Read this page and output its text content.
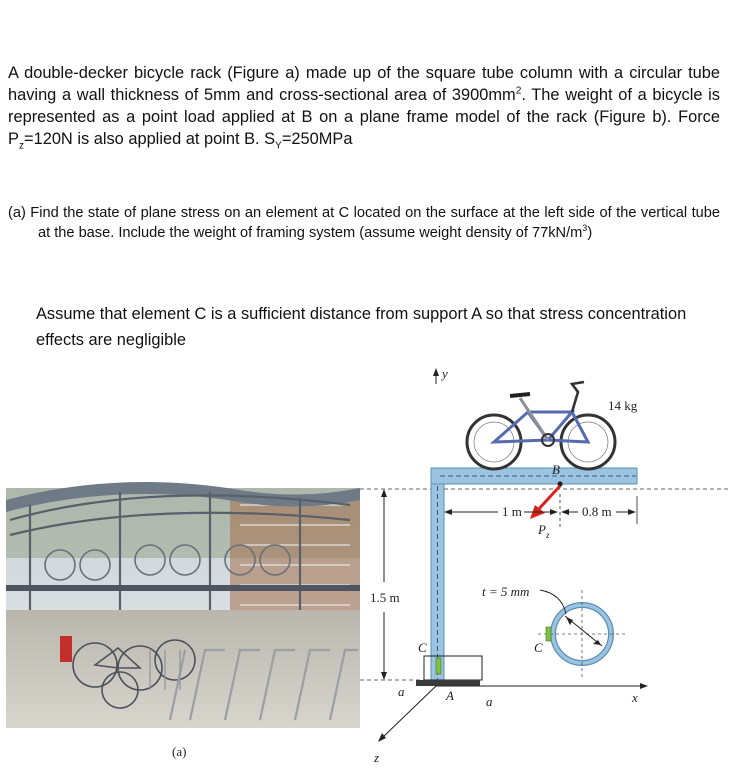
A double-decker bicycle rack (Figure a) made up of the square tube column with a circular tube having a wall thickness of 5mm and cross-sectional area of $3900mm^2$. The weight of a bicycle is represented as a point load applied at B on a plane frame model of the rack (Figure b). Force $P_z=120N$ is also applied at point B. $S_Y=250MPa$
(a) Find the state of plane stress on an element at C located on the surface at the left side of the vertical tube at the base. Include the weight of framing system (assume weight density of $77kN/m^3$)
Assume that element C is a sufficient distance from support A so that stress concentration effects are negligible
(a)
y
14 kg
B
$P_z$
1 m	0.8 m
1.5 m
C
A
a
a	x
z
C
t = 5 mm
